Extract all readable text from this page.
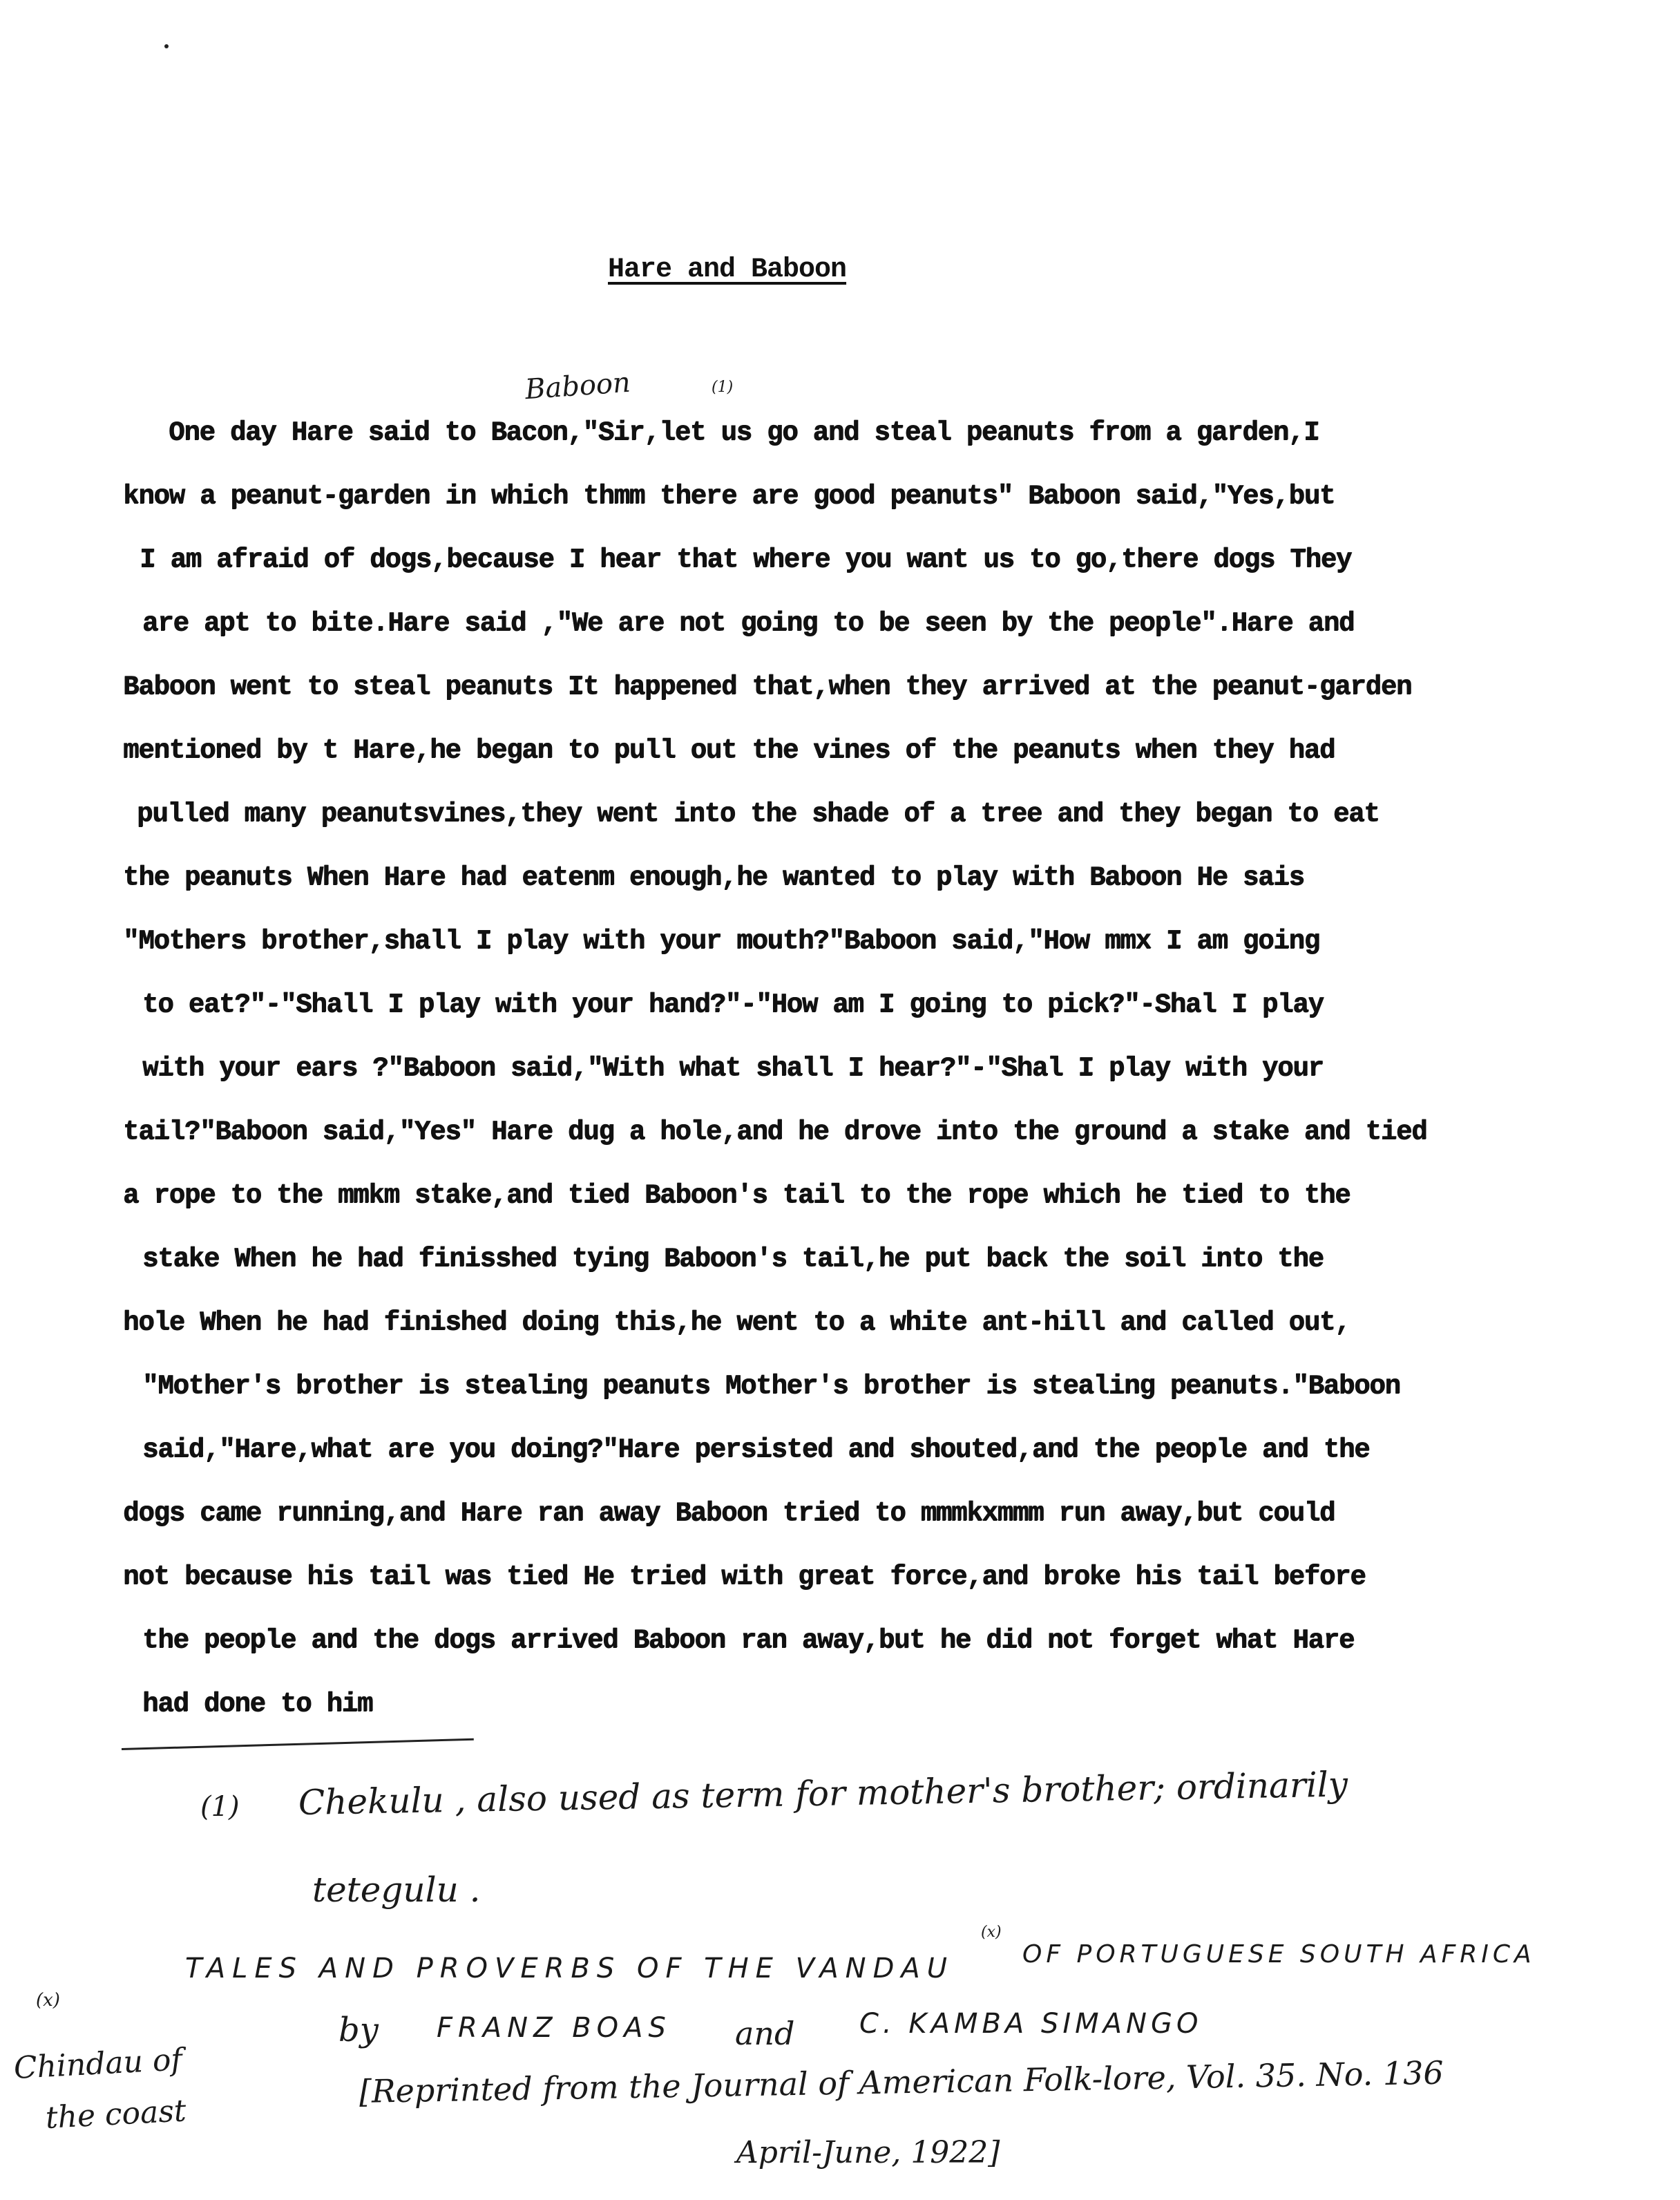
Hare and Baboon
Baboon	(1)
One day Hare said to Bacon,"Sir,let us go and steal peanuts from a garden,I
know a peanut-garden in which thmm there are good peanuts" Baboon said,"Yes,but
I am afraid of dogs,because I hear that where you want us to go,there dogs They
are apt to bite.Hare said ,"We are not going to be seen by the people".Hare and
Baboon went to steal peanuts It happened that,when they arrived at the peanut-garden
mentioned by t Hare,he began to pull out the vines of the peanuts when they had
pulled many peanutsvines,they went into the shade of a tree and they began to eat
the peanuts When Hare had eatenm enough,he wanted to play with Baboon He sais
"Mothers brother,shall I play with your mouth?"Baboon said,"How mmx I am going
to eat?"-"Shall I play with your hand?"-"How am I going to pick?"-Shal I play
with your ears ?"Baboon said,"With what shall I hear?"-"Shal I play with your
tail?"Baboon said,"Yes" Hare dug a hole,and he drove into the ground a stake and tied
a rope to the mmkm stake,and tied Baboon's tail to the rope which he tied to the
stake When he had finisshed tying Baboon's tail,he put back the soil into the
hole When he had finished doing this,he went to a white ant-hill and called out,
"Mother's brother is stealing peanuts Mother's brother is stealing peanuts."Baboon
said,"Hare,what are you doing?"Hare persisted and shouted,and the people and the
dogs came running,and Hare ran away Baboon tried to mmmkxmmm run away,but could
not because his tail was tied He tried with great force,and broke his tail before
the people and the dogs arrived Baboon ran away,but he did not forget what Hare
had done to him
(1) Chekulu , also used as term for mother's brother; ordinarily
tetegulu .
TALES AND PROVERBS OF THE VANDAU
(x)
OF PORTUGUESE SOUTH AFRICA
by FRANZ BOAS and C. KAMBA SIMANGO
[Reprinted from the Journal of American Folk-lore, Vol. 35. No. 136
April-June, 1922]
(x)
Chindau of
the coast
